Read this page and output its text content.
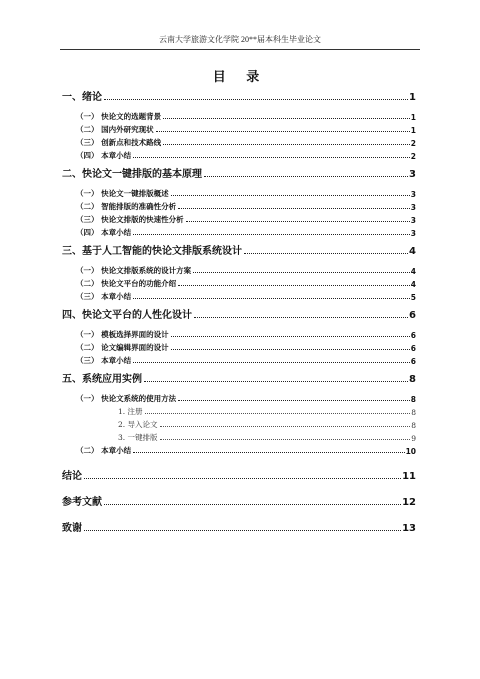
云南大学旅游文化学院 20**届本科生毕业论文
目 录
一、绪论	1
（一） 快论文的选题背景	1
（二） 国内外研究现状	1
（三） 创新点和技术路线	2
（四） 本章小结	2
二、快论文一键排版的基本原理	3
（一） 快论文一键排版概述	3
（二） 智能排版的准确性分析	3
（三） 快论文排版的快速性分析	3
（四） 本章小结	3
三、基于人工智能的快论文排版系统设计	4
（一） 快论文排版系统的设计方案	4
（二） 快论文平台的功能介绍	4
（三） 本章小结	5
四、快论文平台的人性化设计	6
（一） 模板选择界面的设计	6
（二） 论文编辑界面的设计	6
（三） 本章小结	6
五、系统应用实例	8
（一） 快论文系统的使用方法	8
1. 注册	8
2. 导入论文	8
3. 一键排版	9
（二） 本章小结	10
结论	11
参考文献	12
致谢	13
